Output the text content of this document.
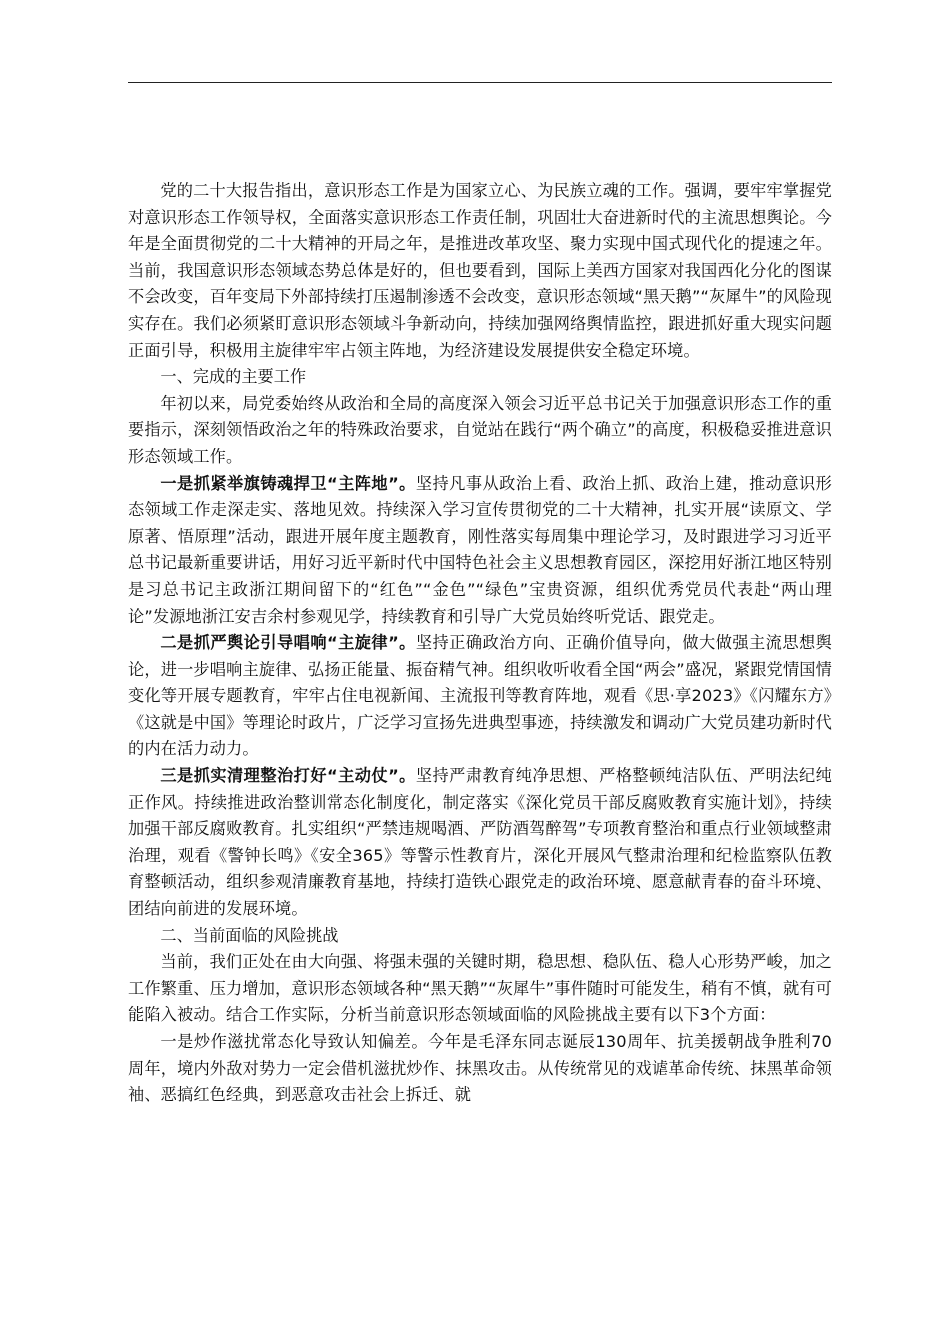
党的二十大报告指出，意识形态工作是为国家立心、为民族立魂的工作。强调，要牢牢掌握党对意识形态工作领导权，全面落实意识形态工作责任制，巩固壮大奋进新时代的主流思想舆论。今年是全面贯彻党的二十大精神的开局之年，是推进改革攻坚、聚力实现中国式现代化的提速之年。当前，我国意识形态领域态势总体是好的，但也要看到，国际上美西方国家对我国西化分化的图谋不会改变，百年变局下外部持续打压遏制渗透不会改变，意识形态领域“黑天鹅”“灰犀牛”的风险现实存在。我们必须紧盯意识形态领域斗争新动向，持续加强网络舆情监控，跟进抓好重大现实问题正面引导，积极用主旋律牢牢占领主阵地，为经济建设发展提供安全稳定环境。

一、完成的主要工作

年初以来，局党委始终从政治和全局的高度深入领会习近平总书记关于加强意识形态工作的重要指示，深刻领悟政治之年的特殊政治要求，自觉站在践行“两个确立”的高度，积极稳妥推进意识形态领域工作。

一是抓紧举旗铸魂捍卫“主阵地”。坚持凡事从政治上看、政治上抓、政治上建，推动意识形态领域工作走深走实、落地见效。持续深入学习宣传贯彻党的二十大精神，扎实开展“读原文、学原著、悟原理”活动，跟进开展年度主题教育，刚性落实每周集中理论学习，及时跟进学习习近平总书记最新重要讲话，用好习近平新时代中国特色社会主义思想教育园区，深挖用好浙江地区特别是习总书记主政浙江期间留下的“红色”“金色”“绿色”宝贵资源，组织优秀党员代表赴“两山理论”发源地浙江安吉余村参观见学，持续教育和引导广大党员始终听党话、跟党走。

二是抓严舆论引导唱响“主旋律”。坚持正确政治方向、正确价值导向，做大做强主流思想舆论，进一步唱响主旋律、弘扬正能量、振奋精气神。组织收听收看全国“两会”盛况，紧跟党情国情变化等开展专题教育，牢牢占住电视新闻、主流报刊等教育阵地，观看《思·享2023》《闪耀东方》《这就是中国》等理论时政片，广泛学习宣扬先进典型事迹，持续激发和调动广大党员建功新时代的内在活力动力。

三是抓实清理整治打好“主动仗”。坚持严肃教育纯净思想、严格整顿纯洁队伍、严明法纪纯正作风。持续推进政治整训常态化制度化，制定落实《深化党员干部反腐败教育实施计划》，持续加强干部反腐败教育。扎实组织“严禁违规喝酒、严防酒驾醉驾”专项教育整治和重点行业领域整肃治理，观看《警钟长鸣》《安全365》等警示性教育片，深化开展风气整肃治理和纪检监察队伍教育整顿活动，组织参观清廉教育基地，持续打造铁心跟党走的政治环境、愿意献青春的奋斗环境、团结向前进的发展环境。

二、当前面临的风险挑战

当前，我们正处在由大向强、将强未强的关键时期，稳思想、稳队伍、稳人心形势严峻，加之工作繁重、压力增加，意识形态领域各种“黑天鹅”“灰犀牛”事件随时可能发生，稍有不慎，就有可能陷入被动。结合工作实际，分析当前意识形态领域面临的风险挑战主要有以下3个方面：

一是炒作滋扰常态化导致认知偏差。今年是毛泽东同志诞辰130周年、抗美援朝战争胜利70周年，境内外敌对势力一定会借机滋扰炒作、抹黑攻击。从传统常见的戏谑革命传统、抹黑革命领袖、恶搞红色经典，到恶意攻击社会上拆迁、就
